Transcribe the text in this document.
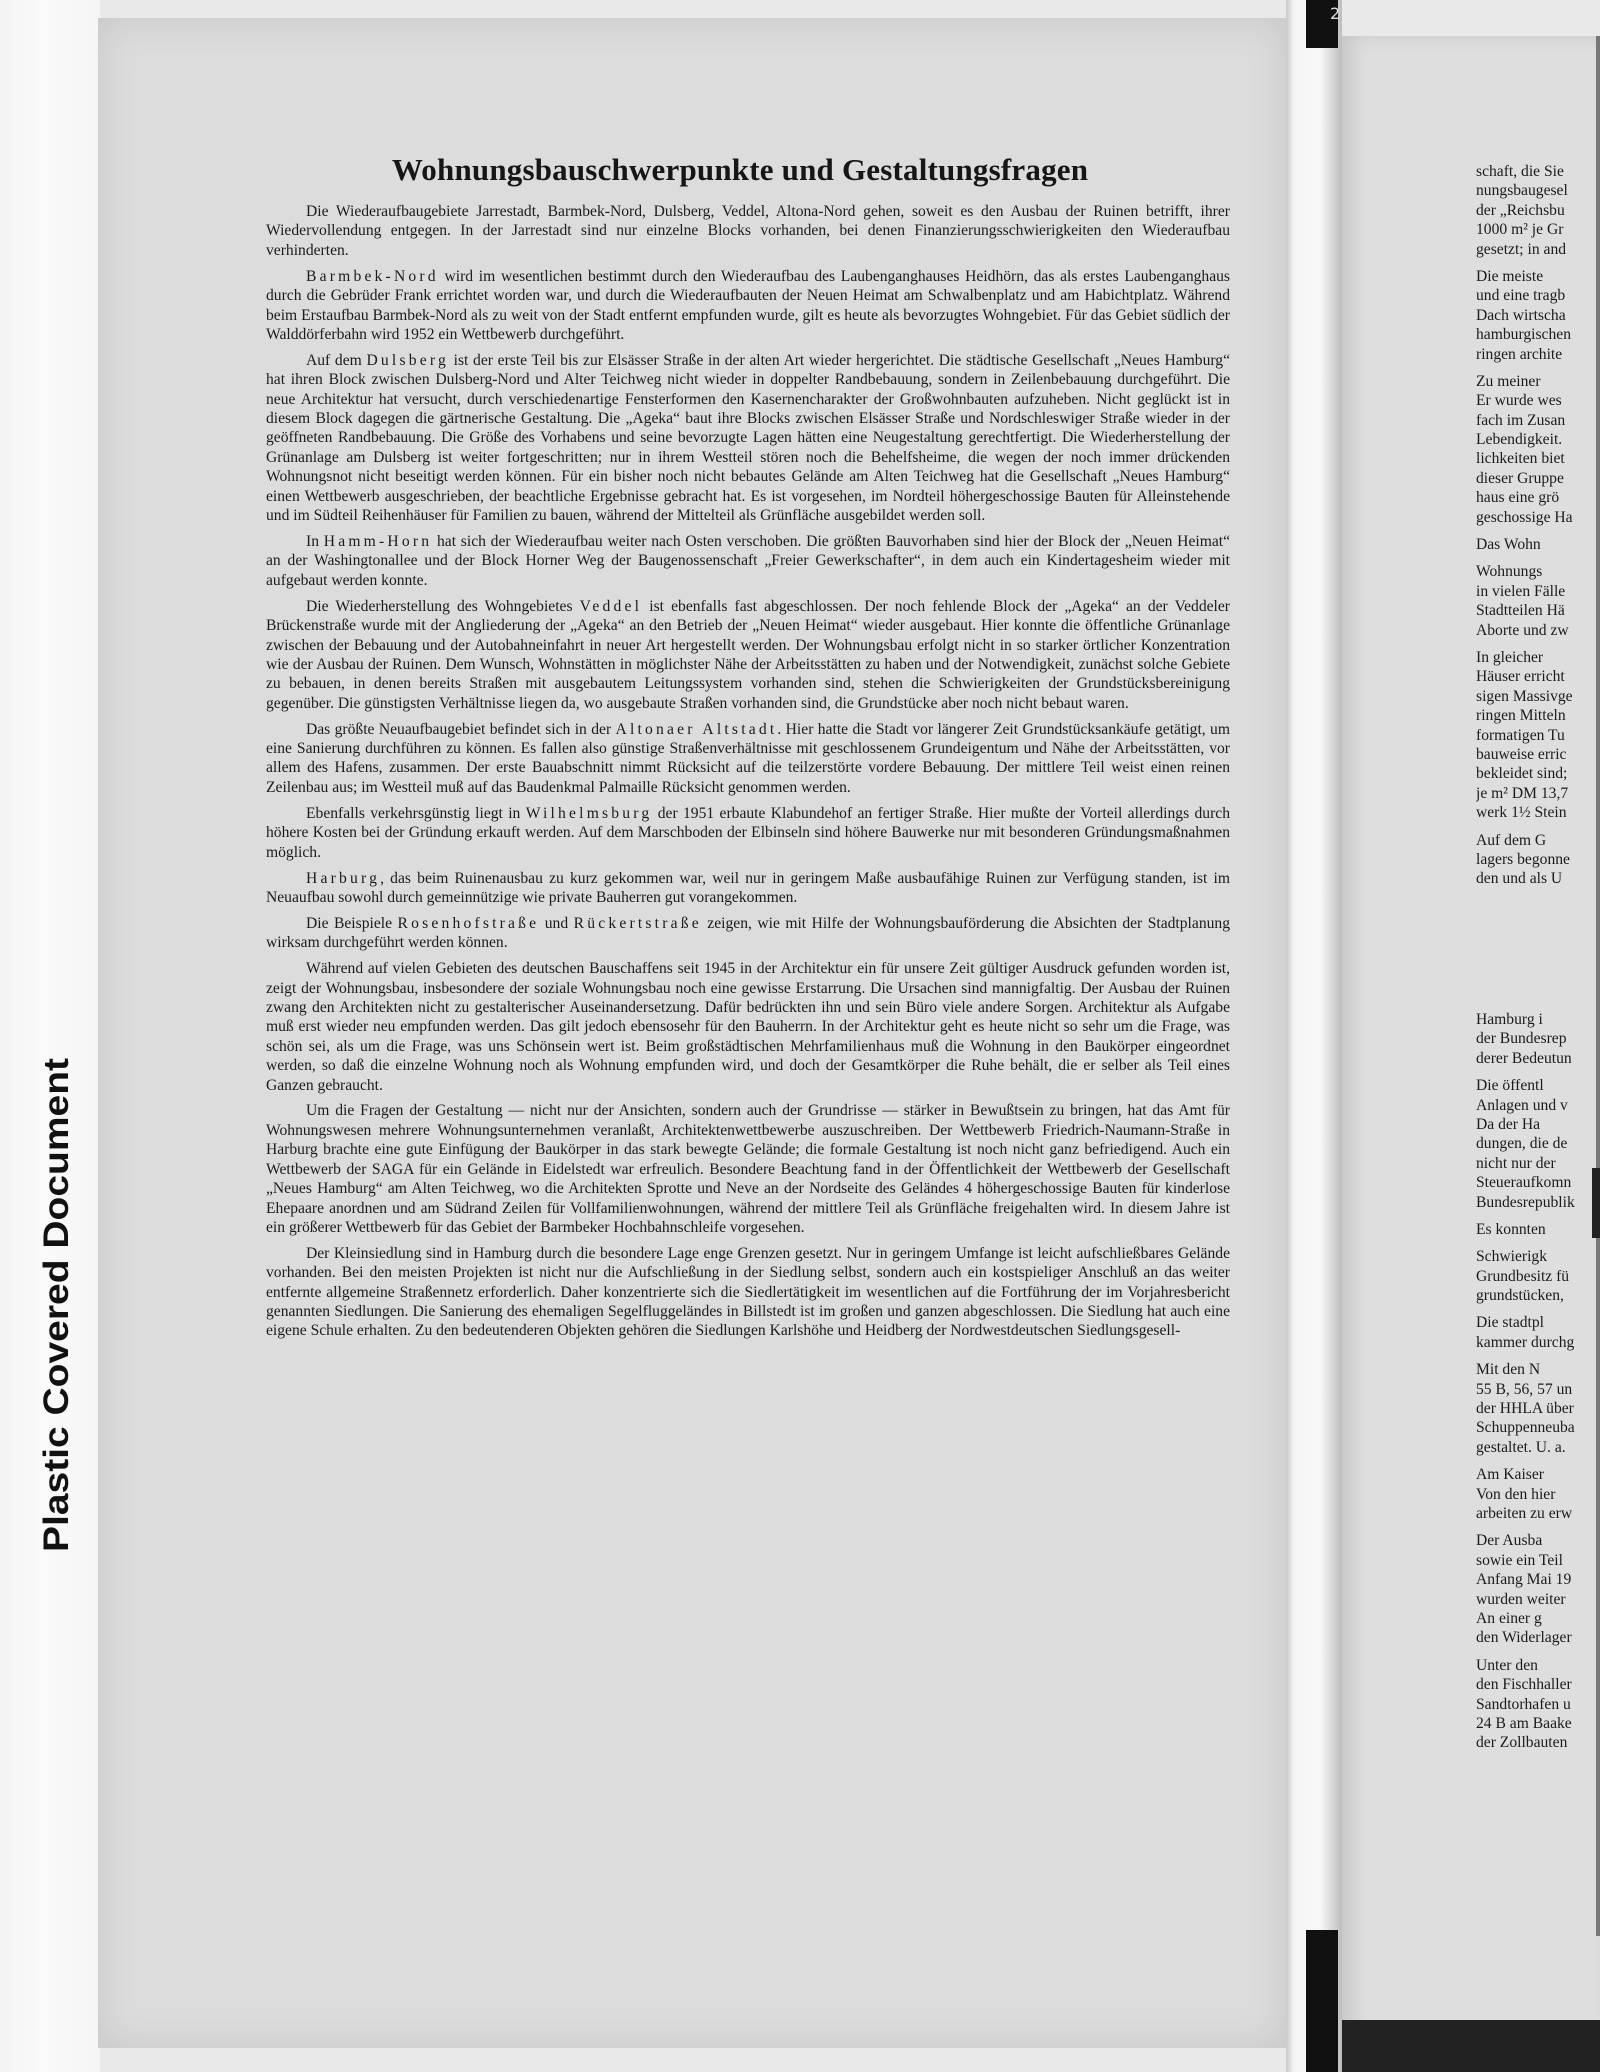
2
Plastic Covered Document
Wohnungsbauschwerpunkte und Gestaltungsfragen

Die Wiederaufbaugebiete Jarrestadt, Barmbek-Nord, Dulsberg, Veddel, Altona-Nord gehen, soweit es den Ausbau der Ruinen betrifft, ihrer Wiedervollendung entgegen. In der Jarrestadt sind nur einzelne Blocks vorhanden, bei denen Finanzierungsschwierigkeiten den Wiederaufbau verhinderten.

Barmbek-Nord wird im wesentlichen bestimmt durch den Wiederaufbau des Laubenganghauses Heidhörn, das als erstes Laubenganghaus durch die Gebrüder Frank errichtet worden war, und durch die Wiederaufbauten der Neuen Heimat am Schwalbenplatz und am Habichtplatz. Während beim Erstaufbau Barmbek-Nord als zu weit von der Stadt entfernt empfunden wurde, gilt es heute als bevorzugtes Wohngebiet. Für das Gebiet südlich der Walddörferbahn wird 1952 ein Wettbewerb durchgeführt.

Auf dem Dulsberg ist der erste Teil bis zur Elsässer Straße in der alten Art wieder hergerichtet. Die städtische Gesellschaft „Neues Hamburg“ hat ihren Block zwischen Dulsberg-Nord und Alter Teichweg nicht wieder in doppelter Randbebauung, sondern in Zeilenbebauung durchgeführt. Die neue Architektur hat versucht, durch verschiedenartige Fensterformen den Kasernencharakter der Großwohnbauten aufzuheben. Nicht geglückt ist in diesem Block dagegen die gärtnerische Gestaltung. Die „Ageka“ baut ihre Blocks zwischen Elsässer Straße und Nordschleswiger Straße wieder in der geöffneten Randbebauung. Die Größe des Vorhabens und seine bevorzugte Lagen hätten eine Neugestaltung gerechtfertigt. Die Wiederherstellung der Grünanlage am Dulsberg ist weiter fortgeschritten; nur in ihrem Westteil stören noch die Behelfsheime, die wegen der noch immer drückenden Wohnungsnot nicht beseitigt werden können. Für ein bisher noch nicht bebautes Gelände am Alten Teichweg hat die Gesellschaft „Neues Hamburg“ einen Wettbewerb ausgeschrieben, der beachtliche Ergebnisse gebracht hat. Es ist vorgesehen, im Nordteil höhergeschossige Bauten für Alleinstehende und im Südteil Reihenhäuser für Familien zu bauen, während der Mittelteil als Grünfläche ausgebildet werden soll.

In Hamm-Horn hat sich der Wiederaufbau weiter nach Osten verschoben. Die größten Bauvorhaben sind hier der Block der „Neuen Heimat“ an der Washingtonallee und der Block Horner Weg der Baugenossenschaft „Freier Gewerkschafter“, in dem auch ein Kindertagesheim wieder mit aufgebaut werden konnte.

Die Wiederherstellung des Wohngebietes Veddel ist ebenfalls fast abgeschlossen. Der noch fehlende Block der „Ageka“ an der Veddeler Brückenstraße wurde mit der Angliederung der „Ageka“ an den Betrieb der „Neuen Heimat“ wieder ausgebaut. Hier konnte die öffentliche Grünanlage zwischen der Bebauung und der Autobahneinfahrt in neuer Art hergestellt werden. Der Wohnungsbau erfolgt nicht in so starker örtlicher Konzentration wie der Ausbau der Ruinen. Dem Wunsch, Wohnstätten in möglichster Nähe der Arbeitsstätten zu haben und der Notwendigkeit, zunächst solche Gebiete zu bebauen, in denen bereits Straßen mit ausgebautem Leitungssystem vorhanden sind, stehen die Schwierigkeiten der Grundstücksbereinigung gegenüber. Die günstigsten Verhältnisse liegen da, wo ausgebaute Straßen vorhanden sind, die Grundstücke aber noch nicht bebaut waren.

Das größte Neuaufbaugebiet befindet sich in der Altonaer Altstadt. Hier hatte die Stadt vor längerer Zeit Grundstücksankäufe getätigt, um eine Sanierung durchführen zu können. Es fallen also günstige Straßenverhältnisse mit geschlossenem Grundeigentum und Nähe der Arbeitsstätten, vor allem des Hafens, zusammen. Der erste Bauabschnitt nimmt Rücksicht auf die teilzerstörte vordere Bebauung. Der mittlere Teil weist einen reinen Zeilenbau aus; im Westteil muß auf das Baudenkmal Palmaille Rücksicht genommen werden.

Ebenfalls verkehrsgünstig liegt in Wilhelmsburg der 1951 erbaute Klabundehof an fertiger Straße. Hier mußte der Vorteil allerdings durch höhere Kosten bei der Gründung erkauft werden. Auf dem Marschboden der Elbinseln sind höhere Bauwerke nur mit besonderen Gründungsmaßnahmen möglich.

Harburg, das beim Ruinenausbau zu kurz gekommen war, weil nur in geringem Maße ausbaufähige Ruinen zur Verfügung standen, ist im Neuaufbau sowohl durch gemeinnützige wie private Bauherren gut vorangekommen.

Die Beispiele Rosenhofstraße und Rückertstraße zeigen, wie mit Hilfe der Wohnungsbauförderung die Absichten der Stadtplanung wirksam durchgeführt werden können.

Während auf vielen Gebieten des deutschen Bauschaffens seit 1945 in der Architektur ein für unsere Zeit gültiger Ausdruck gefunden worden ist, zeigt der Wohnungsbau, insbesondere der soziale Wohnungsbau noch eine gewisse Erstarrung. Die Ursachen sind mannigfaltig. Der Ausbau der Ruinen zwang den Architekten nicht zu gestalterischer Auseinandersetzung. Dafür bedrückten ihn und sein Büro viele andere Sorgen. Architektur als Aufgabe muß erst wieder neu empfunden werden. Das gilt jedoch ebensosehr für den Bauherrn. In der Architektur geht es heute nicht so sehr um die Frage, was schön sei, als um die Frage, was uns Schönsein wert ist. Beim großstädtischen Mehrfamilienhaus muß die Wohnung in den Baukörper eingeordnet werden, so daß die einzelne Wohnung noch als Wohnung empfunden wird, und doch der Gesamtkörper die Ruhe behält, die er selber als Teil eines Ganzen gebraucht.

Um die Fragen der Gestaltung — nicht nur der Ansichten, sondern auch der Grundrisse — stärker in Bewußtsein zu bringen, hat das Amt für Wohnungswesen mehrere Wohnungsunternehmen veranlaßt, Architektenwettbewerbe auszuschreiben. Der Wettbewerb Friedrich-Naumann-Straße in Harburg brachte eine gute Einfügung der Baukörper in das stark bewegte Gelände; die formale Gestaltung ist noch nicht ganz befriedigend. Auch ein Wettbewerb der SAGA für ein Gelände in Eidelstedt war erfreulich. Besondere Beachtung fand in der Öffentlichkeit der Wettbewerb der Gesellschaft „Neues Hamburg“ am Alten Teichweg, wo die Architekten Sprotte und Neve an der Nordseite des Geländes 4 höhergeschossige Bauten für kinderlose Ehepaare anordnen und am Südrand Zeilen für Vollfamilienwohnungen, während der mittlere Teil als Grünfläche freigehalten wird. In diesem Jahre ist ein größerer Wettbewerb für das Gebiet der Barmbeker Hochbahnschleife vorgesehen.

Der Kleinsiedlung sind in Hamburg durch die besondere Lage enge Grenzen gesetzt. Nur in geringem Umfange ist leicht aufschließbares Gelände vorhanden. Bei den meisten Projekten ist nicht nur die Aufschließung in der Siedlung selbst, sondern auch ein kostspieliger Anschluß an das weiter entfernte allgemeine Straßennetz erforderlich. Daher konzentrierte sich die Siedlertätigkeit im wesentlichen auf die Fortführung der im Vorjahresbericht genannten Siedlungen. Die Sanierung des ehemaligen Segelfluggeländes in Billstedt ist im großen und ganzen abgeschlossen. Die Siedlung hat auch eine eigene Schule erhalten. Zu den bedeutenderen Objekten gehören die Siedlungen Karlshöhe und Heidberg der Nordwestdeutschen Siedlungsgesell-

schaft, die Sie
nungsbaugesel
der „Reichsbu
1000 m² je Gr
gesetzt; in and
Die meiste
und eine tragb
Dach wirtscha
hamburgischen
ringen archite
Zu meiner
Er wurde wes
fach im Zusan
Lebendigkeit.
lichkeiten biet
dieser Gruppe
haus eine grö
geschossige Ha
Das Wohn
Wohnungs
in vielen Fälle
Stadtteilen Hä
Aborte und zw
In gleicher
Häuser erricht
sigen Massivge
ringen Mitteln
formatigen Tu
bauweise erric
bekleidet sind;
je m² DM 13,7
werk 1½ Stein
Auf dem G
lagers begonne
den und als U
Hamburg i
der Bundesrep
derer Bedeutun
Die öffentl
Anlagen und v
Da der Ha
dungen, die de
nicht nur der
Steueraufkomn
Bundesrepublik
Es konnten
Schwierigk
Grundbesitz fü
grundstücken,
Die stadtpl
kammer durchg
Mit den N
55 B, 56, 57 un
der HHLA über
Schuppenneuba
gestaltet. U. a.
Am Kaiser
Von den hier
arbeiten zu erw
Der Ausba
sowie ein Teil
Anfang Mai 19
wurden weiter
An einer g
den Widerlager
Unter den
den Fischhaller
Sandtorhafen u
24 B am Baake
der Zollbauten
